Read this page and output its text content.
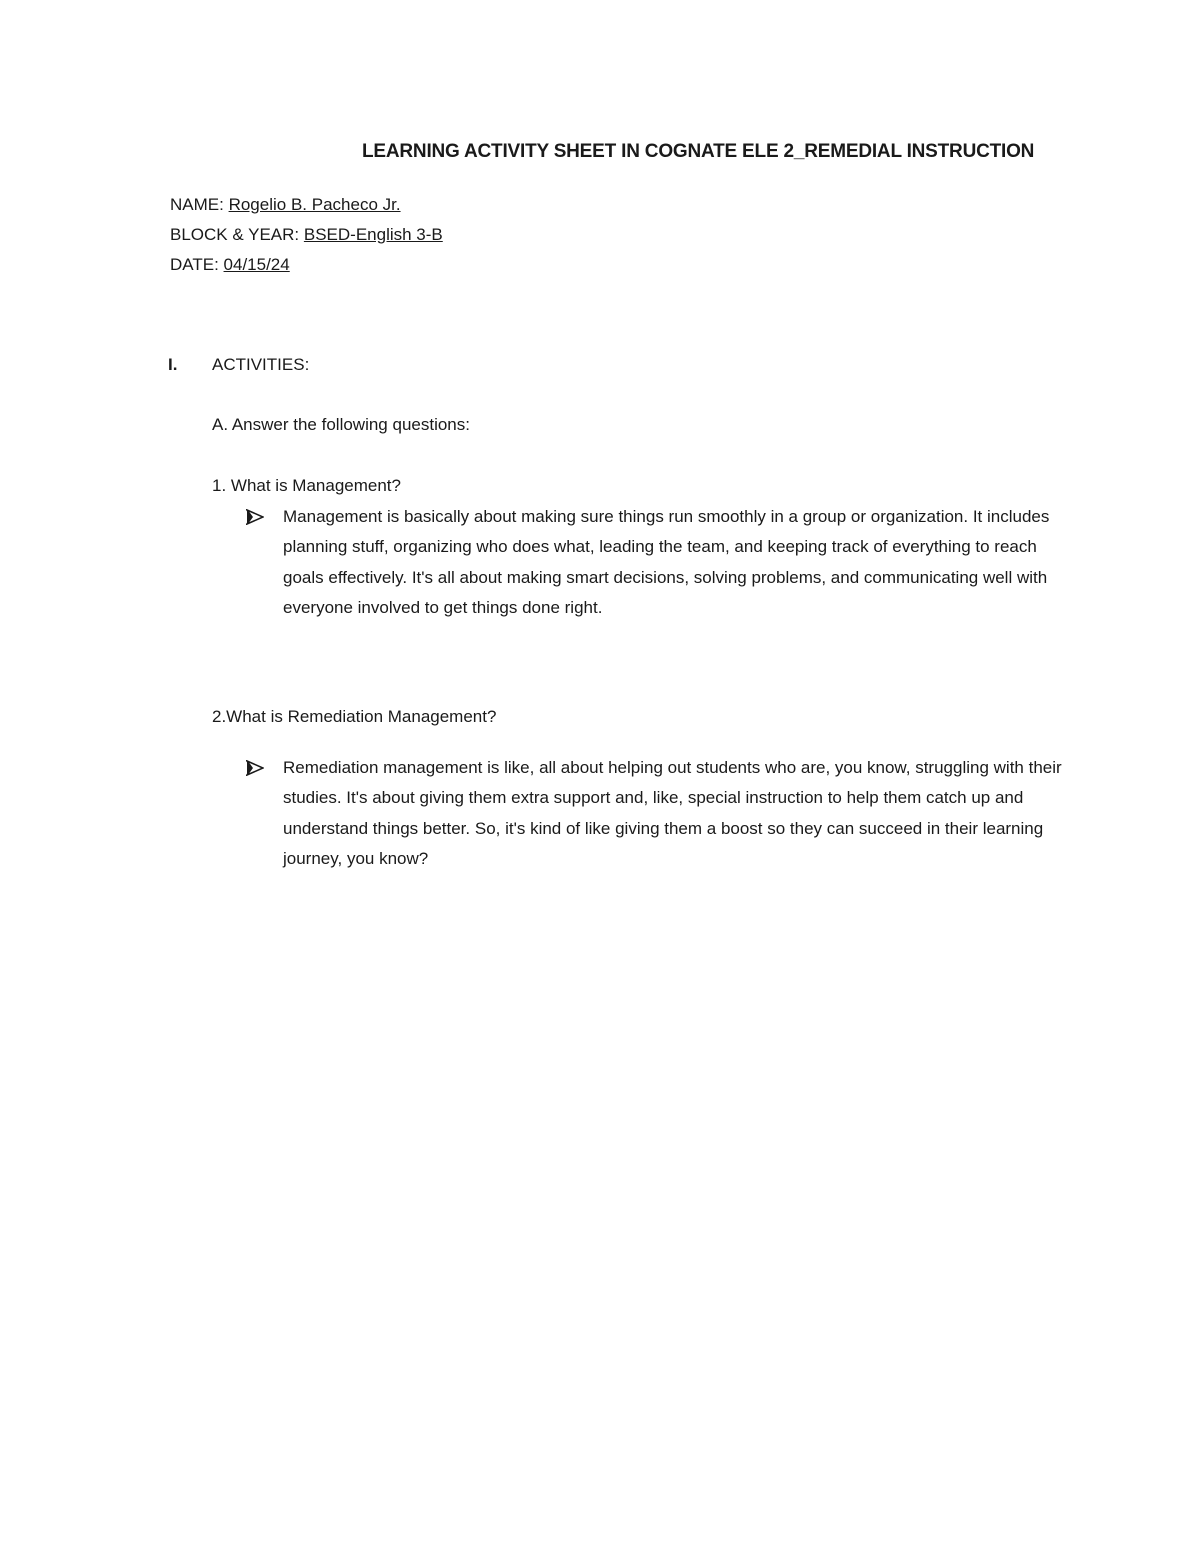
LEARNING ACTIVITY SHEET IN COGNATE ELE 2_REMEDIAL INSTRUCTION
NAME: Rogelio B. Pacheco Jr.
BLOCK & YEAR: BSED-English 3-B
DATE: 04/15/24
I. ACTIVITIES:
A. Answer the following questions:
1. What is Management?

Management is basically about making sure things run smoothly in a group or organization. It includes planning stuff, organizing who does what, leading the team, and keeping track of everything to reach goals effectively. It's all about making smart decisions, solving problems, and communicating well with everyone involved to get things done right.

2.What is Remediation Management?

Remediation management is like, all about helping out students who are, you know, struggling with their studies. It's about giving them extra support and, like, special instruction to help them catch up and understand things better. So, it's kind of like giving them a boost so they can succeed in their learning journey, you know?
